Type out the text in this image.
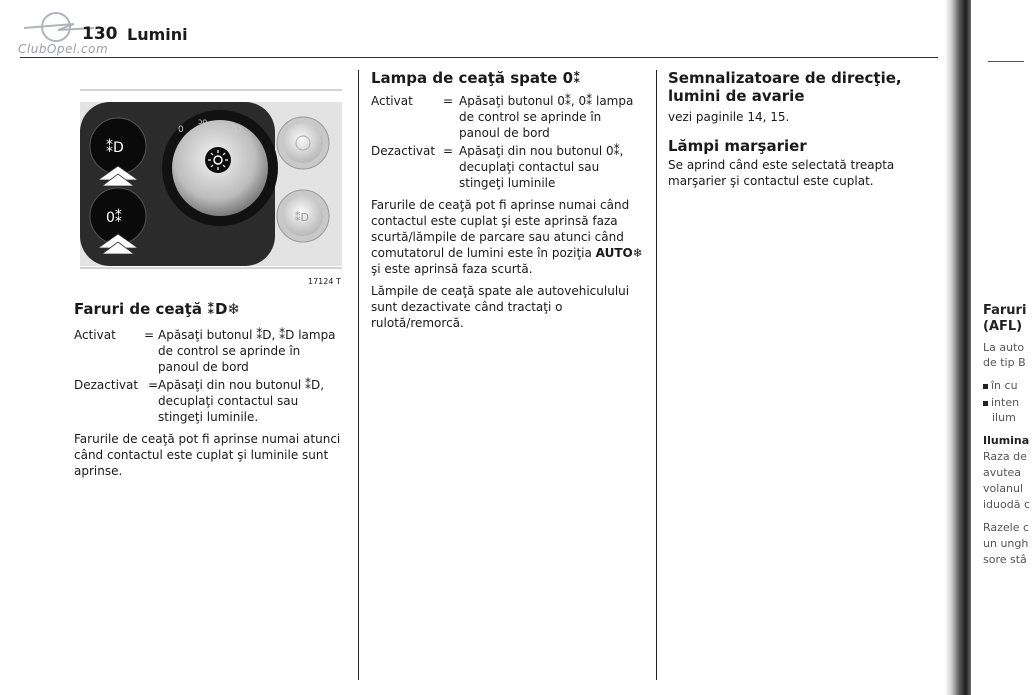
ClubOpel.com
130 Lumini
0
ɔo
⁑D
⁑D
0⁑	⁑D
17124 T
Faruri de ceaţă ⁑D❄
Activat	= Apăsaţi butonul ⁑D, ⁑D lampa de control se aprinde în panoul de bord
Dezactivat = Apăsaţi din nou butonul ⁑D, decuplaţi contactul sau stingeţi luminile.
Farurile de ceaţă pot fi aprinse numai atunci când contactul este cuplat şi luminile sunt aprinse.
Lampa de ceaţă spate 0⁑
Activat	= Apăsaţi butonul 0⁑, 0⁑ lampa de control se aprinde în panoul de bord
Dezactivat = Apăsaţi din nou butonul 0⁑, decuplaţi contactul sau stingeţi luminile
Farurile de ceaţă pot fi aprinse numai când contactul este cuplat şi este aprinsă faza scurtă/lămpile de parcare sau atunci când comutatorul de lumini este în poziţia AUTO❄ şi este aprinsă faza scurtă.
Lămpile de ceaţă spate ale autovehiculului sunt dezactivate când tractaţi o rulotă/remorcă.
Semnalizatoare de direcţie, lumini de avarie
vezi paginile 14, 15.
Lămpi marşarier
Se aprind când este selectată treapta marşarier şi contactul este cuplat.
Faruri
(AFL)
La auto
de tip B
în cu
inten
ilum
Ilumina
Raza de
avutea
volanul
iduodă c
Razele c
un ungh
sore stâ
